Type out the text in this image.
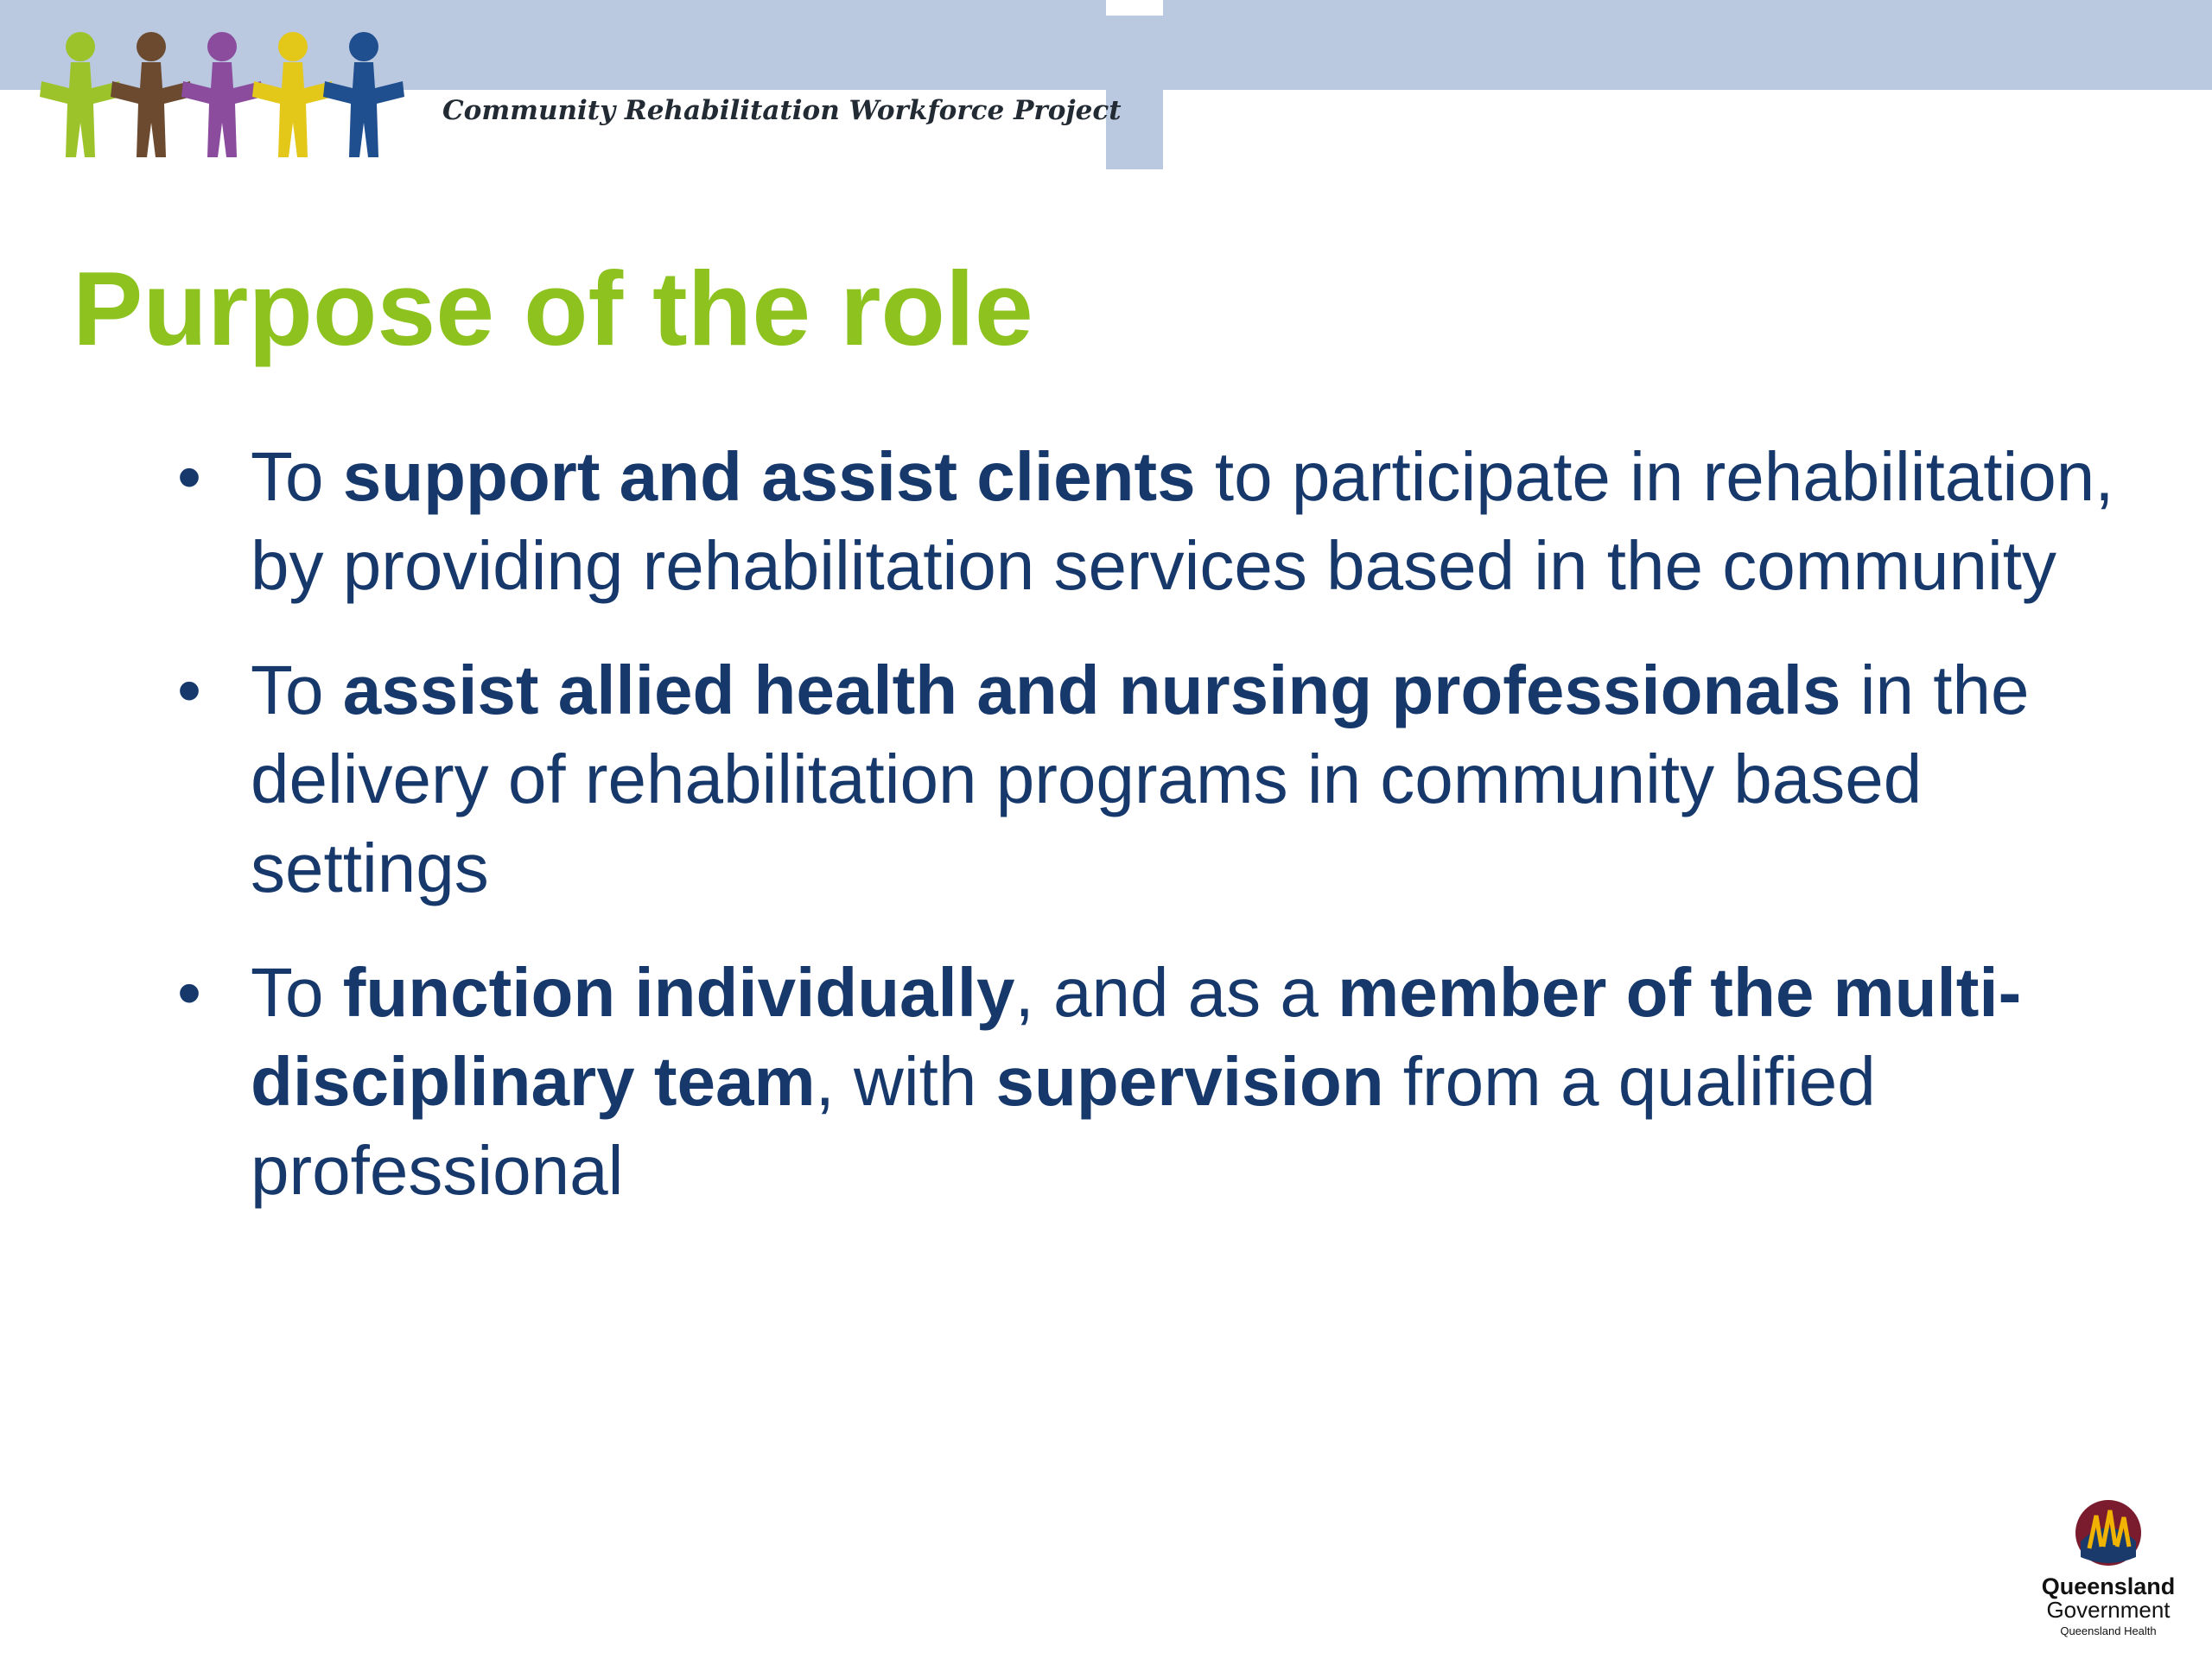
Community Rehabilitation Workforce Project
Purpose of the role
• To support and assist clients to participate in rehabilitation, by providing rehabilitation services based in the community
• To assist allied health and nursing professionals in the delivery of rehabilitation programs in community based settings
• To function individually, and as a member of the multi-disciplinary team, with supervision from a qualified professional
Queensland
Government
Queensland Health
